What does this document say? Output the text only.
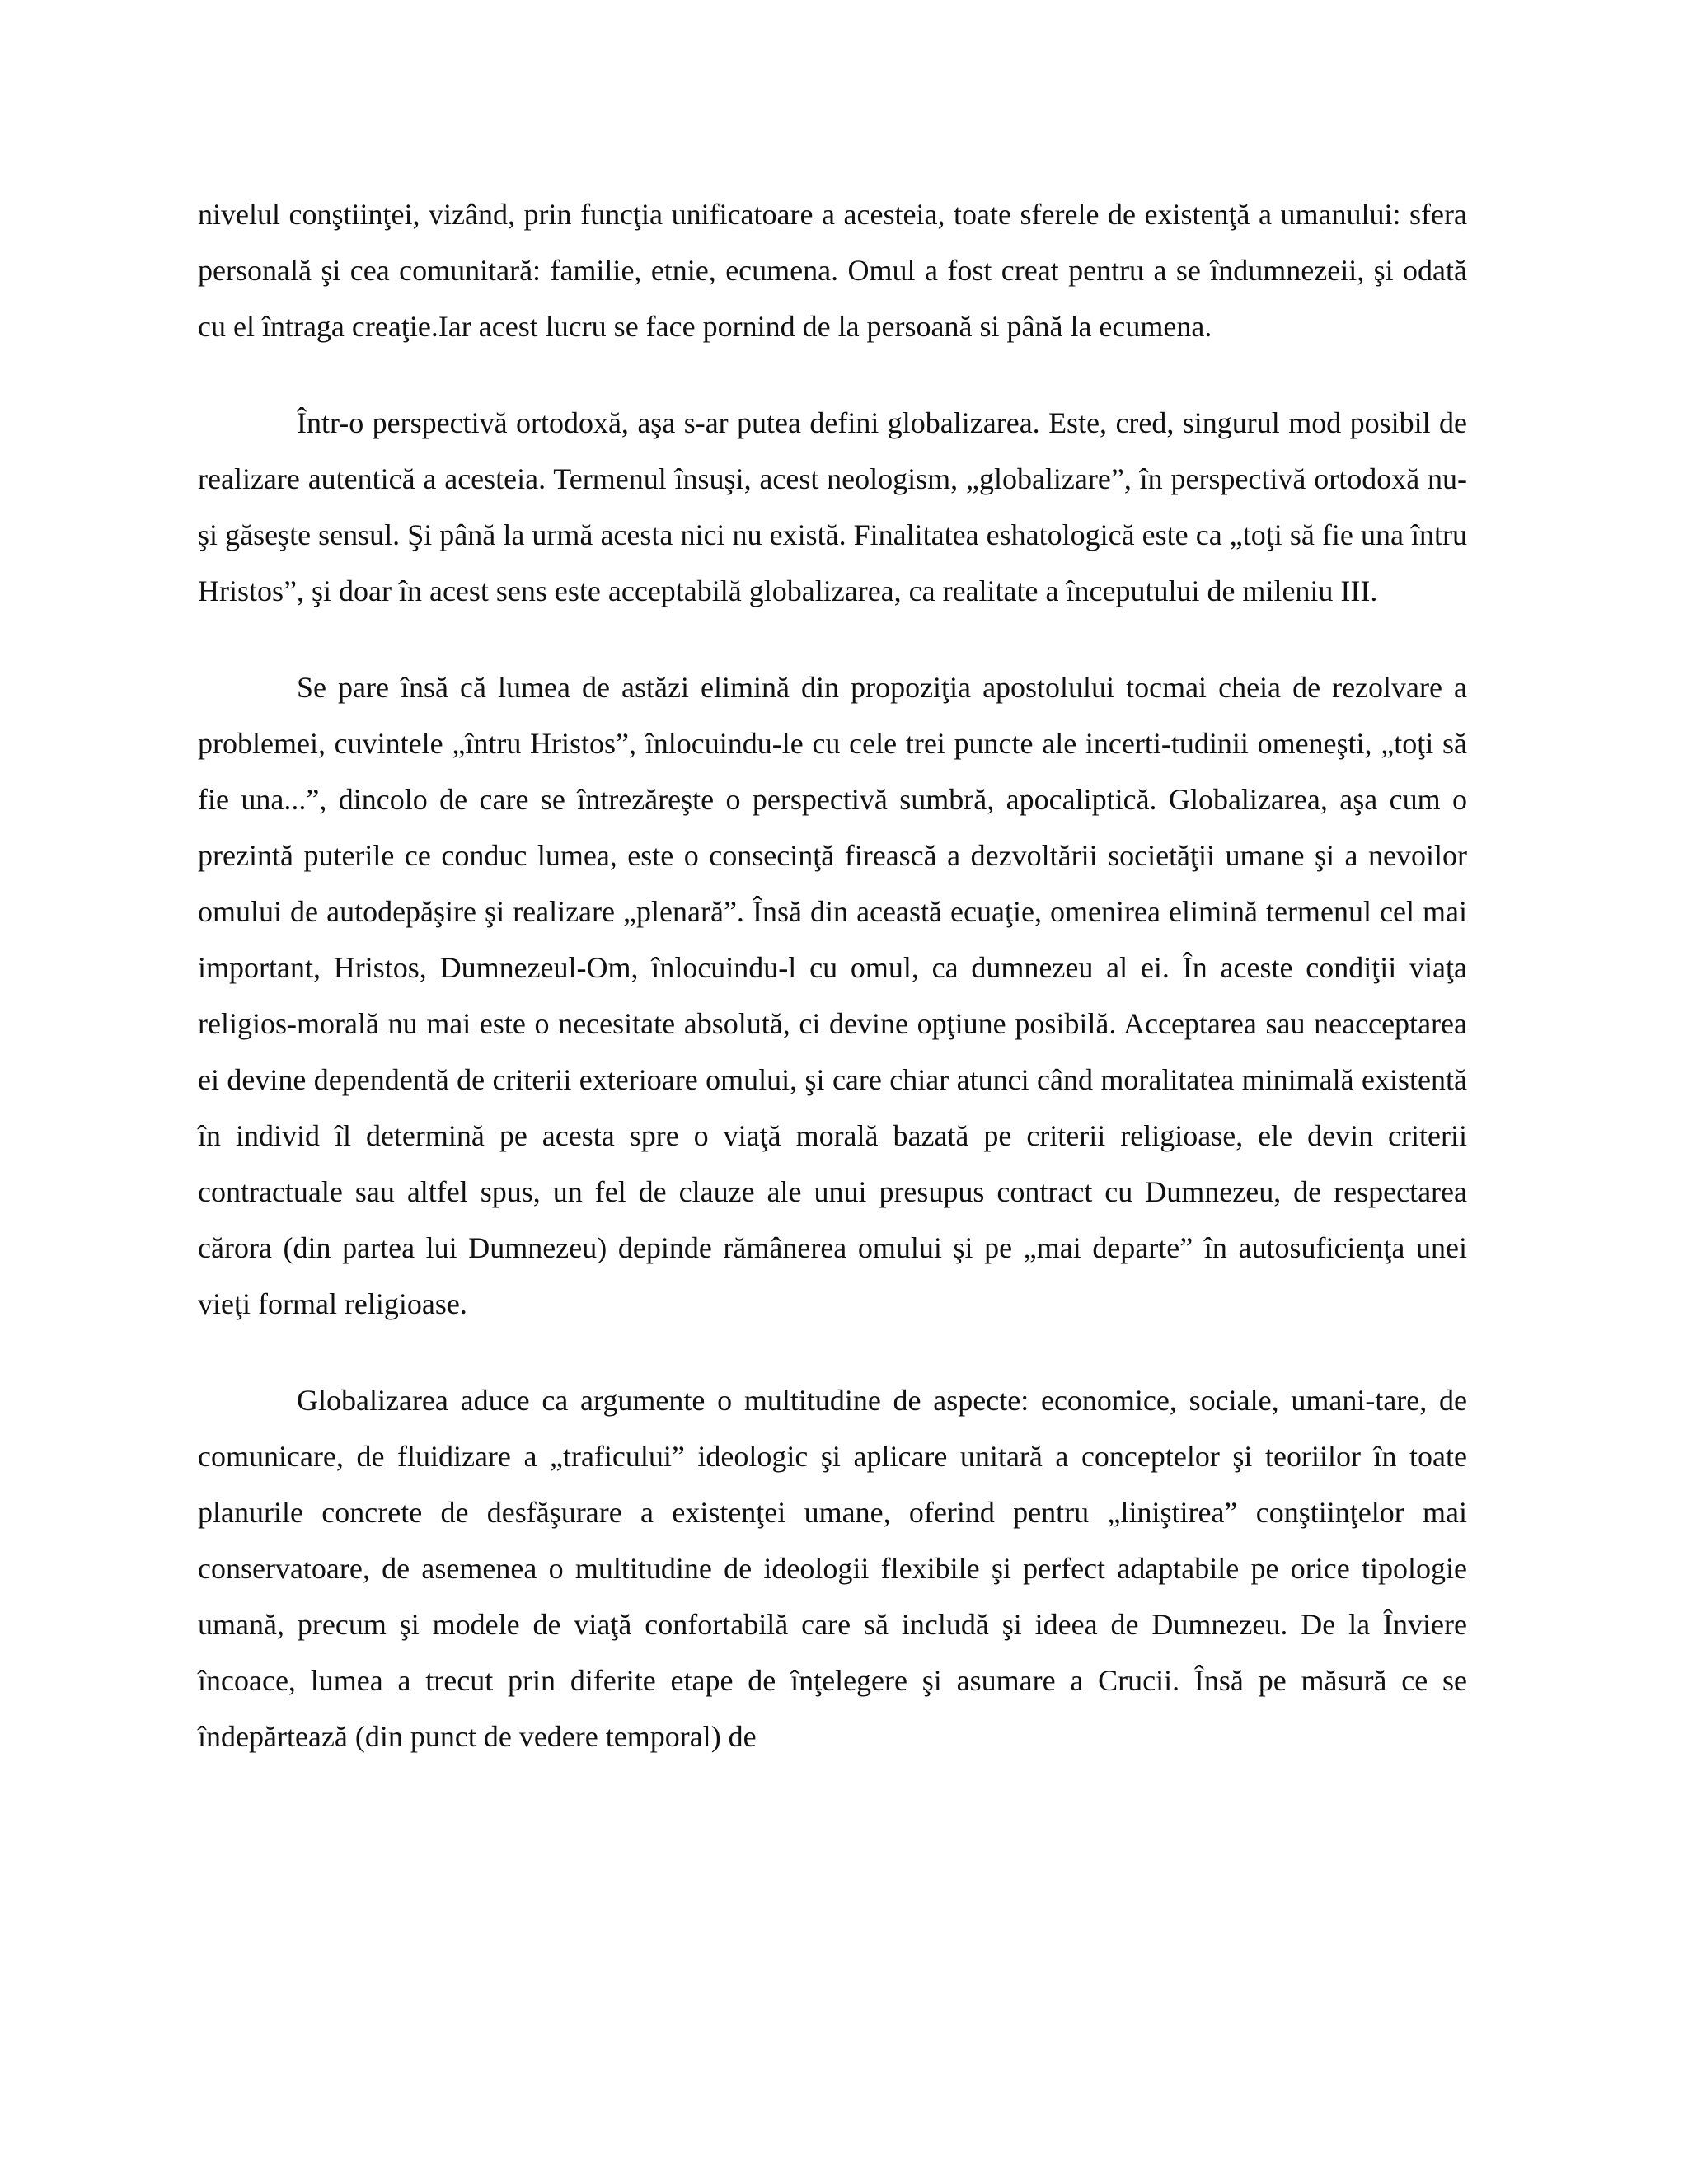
nivelul conştiinţei, vizând, prin funcţia unificatoare a acesteia, toate sferele de existenţă a umanului: sfera personală şi cea comunitară: familie, etnie, ecumena. Omul a fost creat pentru a se îndumnezeii, şi odată cu el întraga creaţie.Iar acest lucru se face pornind de la persoană si până la ecumena.

Într-o perspectivă ortodoxă, aşa s-ar putea defini globalizarea. Este, cred, singurul mod posibil de realizare autentică a acesteia. Termenul însuşi, acest neologism, „globalizare”, în perspectivă ortodoxă nu-şi găseşte sensul. Şi până la urmă acesta nici nu există. Finalitatea eshatologică este ca „toţi să fie una întru Hristos”, şi doar în acest sens este acceptabilă globalizarea, ca realitate a începutului de mileniu III.

Se pare însă că lumea de astăzi elimină din propoziţia apostolului tocmai cheia de rezolvare a problemei, cuvintele „întru Hristos”, înlocuindu-le cu cele trei puncte ale incerti-tudinii omeneşti, „toţi să fie una...”, dincolo de care se întrezăreşte o perspectivă sumbră, apocaliptică. Globalizarea, aşa cum o prezintă puterile ce conduc lumea, este o consecinţă firească a dezvoltării societăţii umane şi a nevoilor omului de autodepăşire şi realizare „plenară”. Însă din această ecuaţie, omenirea elimină termenul cel mai important, Hristos, Dumnezeul-Om, înlocuindu-l cu omul, ca dumnezeu al ei. În aceste condiţii viaţa religios-morală nu mai este o necesitate absolută, ci devine opţiune posibilă. Acceptarea sau neacceptarea ei devine dependentă de criterii exterioare omului, şi care chiar atunci când moralitatea minimală existentă în individ îl determină pe acesta spre o viaţă morală bazată pe criterii religioase, ele devin criterii contractuale sau altfel spus, un fel de clauze ale unui presupus contract cu Dumnezeu, de respectarea cărora (din partea lui Dumnezeu) depinde rămânerea omului şi pe „mai departe” în autosuficienţa unei vieţi formal religioase.

Globalizarea aduce ca argumente o multitudine de aspecte: economice, sociale, umani-tare, de comunicare, de fluidizare a „traficului” ideologic şi aplicare unitară a conceptelor şi teoriilor în toate planurile concrete de desfăşurare a existenţei umane, oferind pentru „liniştirea” conştiinţelor mai conservatoare, de asemenea o multitudine de ideologii flexibile şi perfect adaptabile pe orice tipologie umană, precum şi modele de viaţă confortabilă care să includă şi ideea de Dumnezeu. De la Înviere încoace, lumea a trecut prin diferite etape de înţelegere şi asumare a Crucii. Însă pe măsură ce se îndepărtează (din punct de vedere temporal) de
